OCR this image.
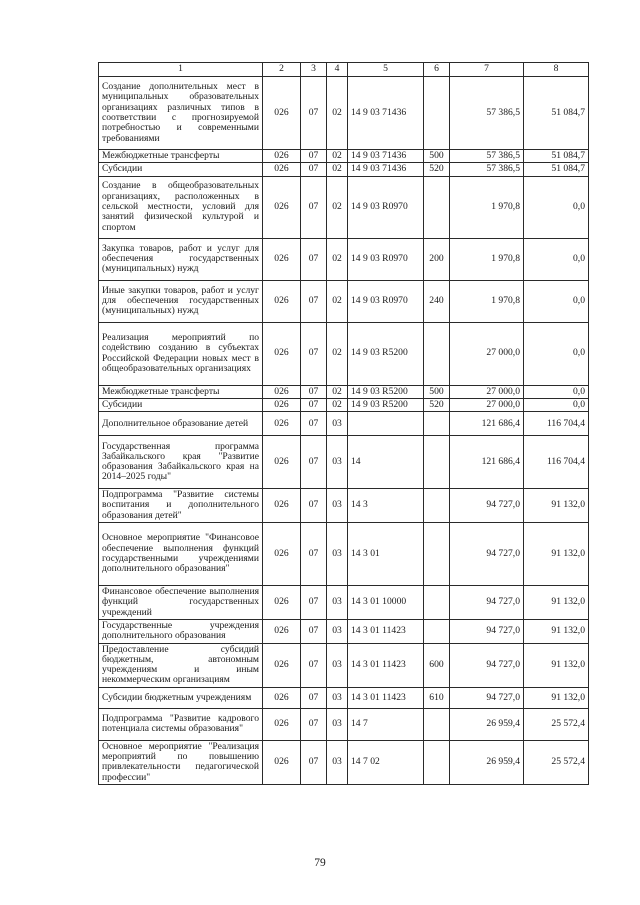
1	2	3	4	5	6	7	8
Создание дополнительных мест в муниципальных образовательных организациях различных типов в соответствии с прогнозируемой потребностью и современными требованиями	026	07	02	14 9 03 71436		57 386,5	51 084,7
Межбюджетные трансферты	026	07	02	14 9 03 71436	500	57 386,5	51 084,7
Субсидии	026	07	02	14 9 03 71436	520	57 386,5	51 084,7
Создание в общеобразовательных организациях, расположенных в сельской местности, условий для занятий физической культурой и спортом	026	07	02	14 9 03 R0970		1 970,8	0,0
Закупка товаров, работ и услуг для обеспечения государственных (муниципальных) нужд	026	07	02	14 9 03 R0970	200	1 970,8	0,0
Иные закупки товаров, работ и услуг для обеспечения государственных (муниципальных) нужд	026	07	02	14 9 03 R0970	240	1 970,8	0,0
Реализация мероприятий по содействию созданию в субъектах Российской Федерации новых мест в общеобразовательных организациях	026	07	02	14 9 03 R5200		27 000,0	0,0
Межбюджетные трансферты	026	07	02	14 9 03 R5200	500	27 000,0	0,0
Субсидии	026	07	02	14 9 03 R5200	520	27 000,0	0,0
Дополнительное образование детей	026	07	03			121 686,4	116 704,4
Государственная программа Забайкальского края "Развитие образования Забайкальского края на 2014–2025 годы"	026	07	03	14		121 686,4	116 704,4
Подпрограмма "Развитие системы воспитания и дополнительного образования детей"	026	07	03	14 3		94 727,0	91 132,0
Основное мероприятие "Финансовое обеспечение выполнения функций государственными учреждениями дополнительного образования"	026	07	03	14 3 01		94 727,0	91 132,0
Финансовое обеспечение выполнения функций государственных учреждений	026	07	03	14 3 01 10000		94 727,0	91 132,0
Государственные учреждения дополнительного образования	026	07	03	14 3 01 11423		94 727,0	91 132,0
Предоставление субсидий бюджетным, автономным учреждениям и иным некоммерческим организациям	026	07	03	14 3 01 11423	600	94 727,0	91 132,0
Субсидии бюджетным учреждениям	026	07	03	14 3 01 11423	610	94 727,0	91 132,0
Подпрограмма "Развитие кадрового потенциала системы образования"	026	07	03	14 7		26 959,4	25 572,4
Основное мероприятие "Реализация мероприятий по повышению привлекательности педагогической профессии"	026	07	03	14 7 02		26 959,4	25 572,4
79
